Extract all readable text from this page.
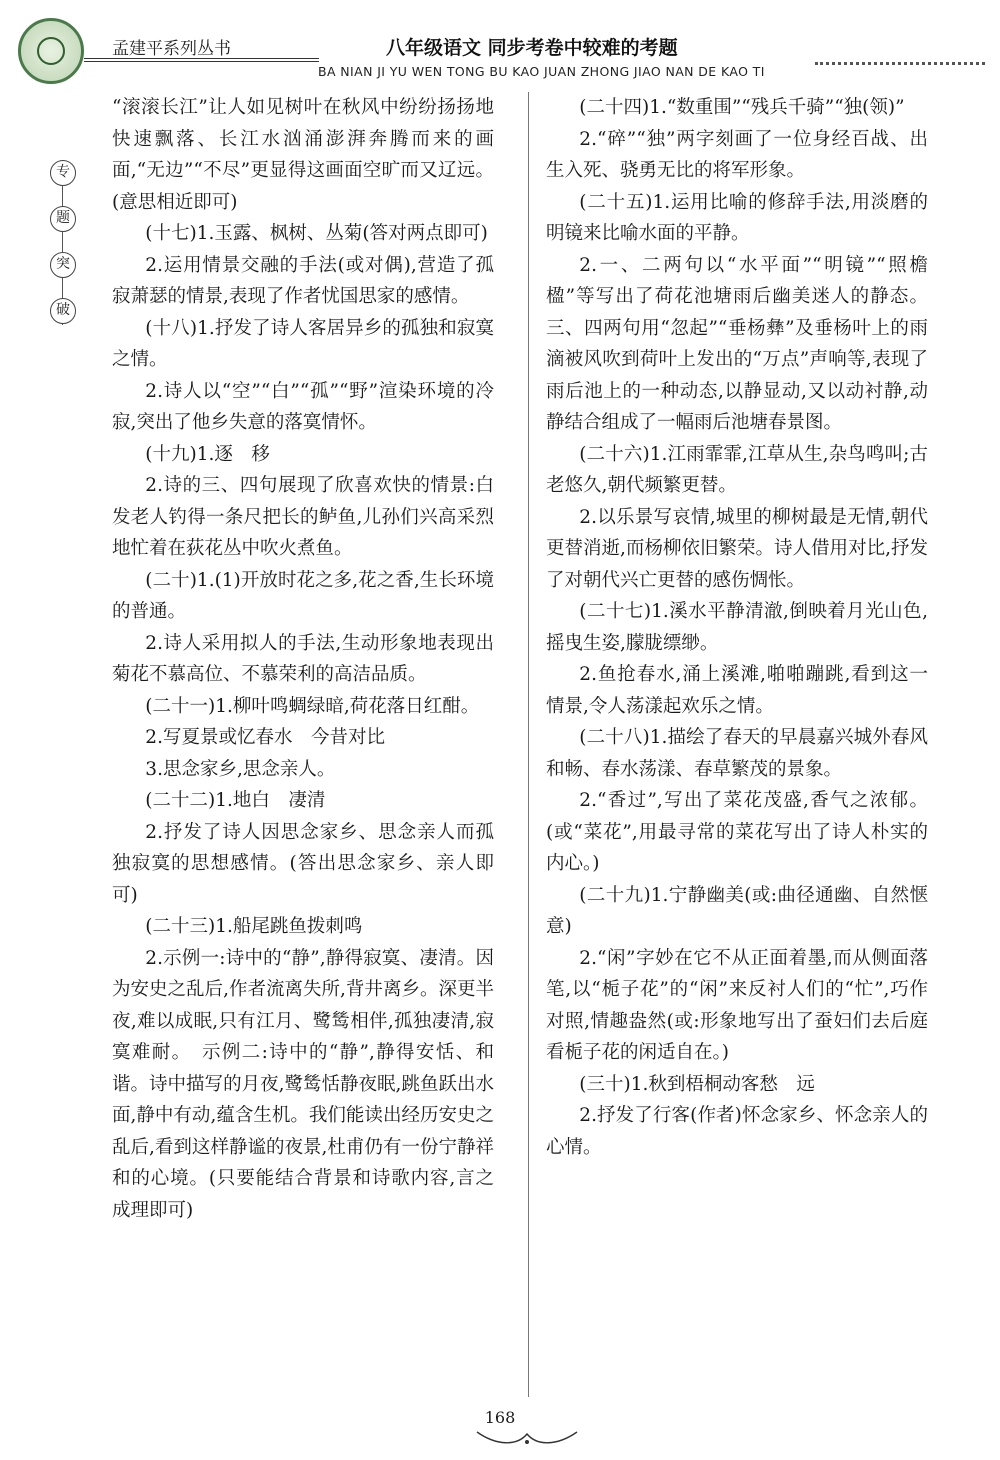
孟建平系列丛书	八年级语文 同步考卷中较难的考题
BA NIAN JI YU WEN TONG BU KAO JUAN ZHONG JIAO NAN DE KAO TI
专
题
突
破

“滚滚长江”让人如见树叶在秋风中纷纷扬扬地快速飘落、长江水汹涌澎湃奔腾而来的画面,“无边”“不尽”更显得这画面空旷而又辽远。(意思相近即可)

(十七)1.玉露、枫树、丛菊(答对两点即可)

2.运用情景交融的手法(或对偶),营造了孤寂萧瑟的情景,表现了作者忧国思家的感情。

(十八)1.抒发了诗人客居异乡的孤独和寂寞之情。

2.诗人以“空”“白”“孤”“野”渲染环境的冷寂,突出了他乡失意的落寞情怀。

(十九)1.逐　移

2.诗的三、四句展现了欣喜欢快的情景:白发老人钓得一条尺把长的鲈鱼,儿孙们兴高采烈地忙着在荻花丛中吹火煮鱼。

(二十)1.(1)开放时花之多,花之香,生长环境的普通。

2.诗人采用拟人的手法,生动形象地表现出菊花不慕高位、不慕荣利的高洁品质。

(二十一)1.柳叶鸣蜩绿暗,荷花落日红酣。

2.写夏景或忆春水　今昔对比

3.思念家乡,思念亲人。

(二十二)1.地白　凄清

2.抒发了诗人因思念家乡、思念亲人而孤独寂寞的思想感情。(答出思念家乡、亲人即可)

(二十三)1.船尾跳鱼拨刺鸣

2.示例一:诗中的“静”,静得寂寞、凄清。因为安史之乱后,作者流离失所,背井离乡。深更半夜,难以成眠,只有江月、鹭鸶相伴,孤独凄清,寂寞难耐。　示例二:诗中的“静”,静得安恬、和谐。诗中描写的月夜,鹭鸶恬静夜眠,跳鱼跃出水面,静中有动,蕴含生机。我们能读出经历安史之乱后,看到这样静谧的夜景,杜甫仍有一份宁静祥和的心境。(只要能结合背景和诗歌内容,言之成理即可)

(二十四)1.“数重围”“残兵千骑”“独(领)”

2.“碎”“独”两字刻画了一位身经百战、出生入死、骁勇无比的将军形象。

(二十五)1.运用比喻的修辞手法,用淡磨的明镜来比喻水面的平静。

2.一、二两句以“水平面”“明镜”“照檐楹”等写出了荷花池塘雨后幽美迷人的静态。三、四两句用“忽起”“垂杨彝”及垂杨叶上的雨滴被风吹到荷叶上发出的“万点”声响等,表现了雨后池上的一种动态,以静显动,又以动衬静,动静结合组成了一幅雨后池塘春景图。

(二十六)1.江雨霏霏,江草从生,杂鸟鸣叫;古老悠久,朝代频繁更替。

2.以乐景写哀情,城里的柳树最是无情,朝代更替消逝,而杨柳依旧繁荣。诗人借用对比,抒发了对朝代兴亡更替的感伤惆怅。

(二十七)1.溪水平静清澈,倒映着月光山色,摇曳生姿,朦胧缥缈。

2.鱼抢春水,涌上溪滩,啪啪蹦跳,看到这一情景,令人荡漾起欢乐之情。

(二十八)1.描绘了春天的早晨嘉兴城外春风和畅、春水荡漾、春草繁茂的景象。

2.“香过”,写出了菜花茂盛,香气之浓郁。(或“菜花”,用最寻常的菜花写出了诗人朴实的内心。)

(二十九)1.宁静幽美(或:曲径通幽、自然惬意)

2.“闲”字妙在它不从正面着墨,而从侧面落笔,以“栀子花”的“闲”来反衬人们的“忙”,巧作对照,情趣盎然(或:形象地写出了蚕妇们去后庭看栀子花的闲适自在。)

(三十)1.秋到梧桐动客愁　远

2.抒发了行客(作者)怀念家乡、怀念亲人的心情。

168
